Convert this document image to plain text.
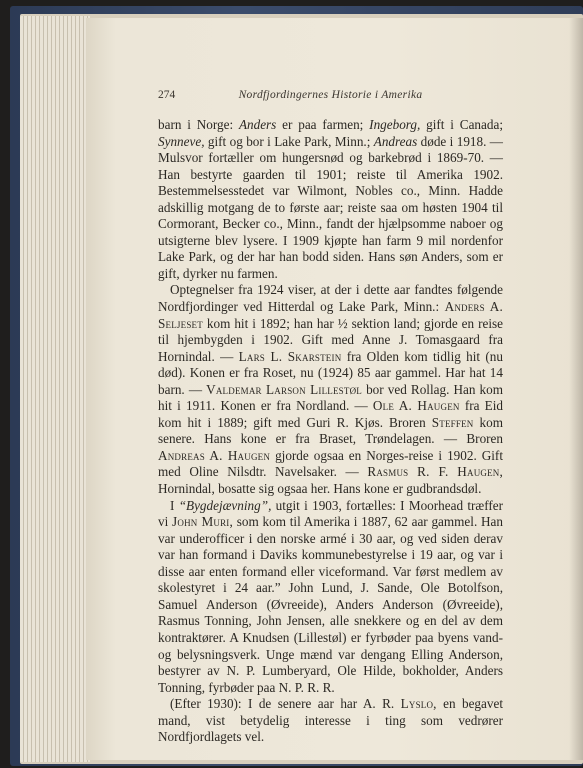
274	Nordfjordingernes Historie i Amerika

barn i Norge: Anders er paa farmen; Ingeborg, gift i Canada; Synneve, gift og bor i Lake Park, Minn.; Andreas døde i 1918. — Mulsvor fortæller om hungersnød og barkebrød i 1869-70. — Han bestyrte gaarden til 1901; reiste til Amerika 1902. Bestemmelsesstedet var Wilmont, Nobles co., Minn. Hadde adskillig motgang de to første aar; reiste saa om høsten 1904 til Cormorant, Becker co., Minn., fandt der hjælpsomme naboer og utsigterne blev lysere. I 1909 kjøpte han farm 9 mil nordenfor Lake Park, og der har han bodd siden. Hans søn Anders, som er gift, dyrker nu farmen.

Optegnelser fra 1924 viser, at der i dette aar fandtes følgende Nordfjordinger ved Hitterdal og Lake Park, Minn.: Anders A. Seljeset kom hit i 1892; han har ½ sektion land; gjorde en reise til hjembygden i 1902. Gift med Anne J. Tomasgaard fra Hornindal. — Lars L. Skarstein fra Olden kom tidlig hit (nu død). Konen er fra Roset, nu (1924) 85 aar gammel. Har hat 14 barn. — Valdemar Larson Lillestøl bor ved Rollag. Han kom hit i 1911. Konen er fra Nordland. — Ole A. Haugen fra Eid kom hit i 1889; gift med Guri R. Kjøs. Broren Steffen kom senere. Hans kone er fra Braset, Trøndelagen. — Broren Andreas A. Haugen gjorde ogsaa en Norges-reise i 1902. Gift med Oline Nilsdtr. Navelsaker. — Rasmus R. F. Haugen, Hornindal, bosatte sig ogsaa her. Hans kone er gudbrandsdøl.

I “Bygdejævning”, utgit i 1903, fortælles: I Moorhead træffer vi John Muri, som kom til Amerika i 1887, 62 aar gammel. Han var underofficer i den norske armé i 30 aar, og ved siden derav var han formand i Daviks kommunebestyrelse i 19 aar, og var i disse aar enten formand eller viceformand. Var først medlem av skolestyret i 24 aar.” John Lund, J. Sande, Ole Botolfson, Samuel Anderson (Øvreeide), Anders Anderson (Øvreeide), Rasmus Tonning, John Jensen, alle snekkere og en del av dem kontraktører. A Knudsen (Lillestøl) er fyrbøder paa byens vand- og belysningsverk. Unge mænd var dengang Elling Anderson, bestyrer av N. P. Lumberyard, Ole Hilde, bokholder, Anders Tonning, fyrbøder paa N. P. R. R.

(Efter 1930): I de senere aar har A. R. Lyslo, en begavet mand, vist betydelig interesse i ting som vedrører Nordfjordlagets vel.
